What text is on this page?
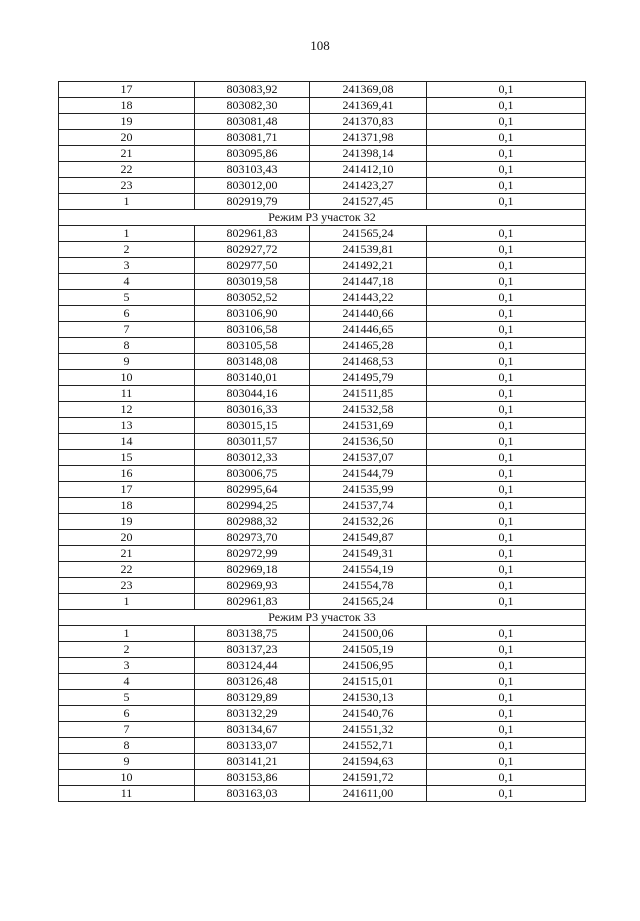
108
17	803083,92	241369,08	0,1
18	803082,30	241369,41	0,1
19	803081,48	241370,83	0,1
20	803081,71	241371,98	0,1
21	803095,86	241398,14	0,1
22	803103,43	241412,10	0,1
23	803012,00	241423,27	0,1
1	802919,79	241527,45	0,1
Режим Р3 участок 32			
1	802961,83	241565,24	0,1
2	802927,72	241539,81	0,1
3	802977,50	241492,21	0,1
4	803019,58	241447,18	0,1
5	803052,52	241443,22	0,1
6	803106,90	241440,66	0,1
7	803106,58	241446,65	0,1
8	803105,58	241465,28	0,1
9	803148,08	241468,53	0,1
10	803140,01	241495,79	0,1
11	803044,16	241511,85	0,1
12	803016,33	241532,58	0,1
13	803015,15	241531,69	0,1
14	803011,57	241536,50	0,1
15	803012,33	241537,07	0,1
16	803006,75	241544,79	0,1
17	802995,64	241535,99	0,1
18	802994,25	241537,74	0,1
19	802988,32	241532,26	0,1
20	802973,70	241549,87	0,1
21	802972,99	241549,31	0,1
22	802969,18	241554,19	0,1
23	802969,93	241554,78	0,1
1	802961,83	241565,24	0,1
Режим Р3 участок 33			
1	803138,75	241500,06	0,1
2	803137,23	241505,19	0,1
3	803124,44	241506,95	0,1
4	803126,48	241515,01	0,1
5	803129,89	241530,13	0,1
6	803132,29	241540,76	0,1
7	803134,67	241551,32	0,1
8	803133,07	241552,71	0,1
9	803141,21	241594,63	0,1
10	803153,86	241591,72	0,1
11	803163,03	241611,00	0,1
